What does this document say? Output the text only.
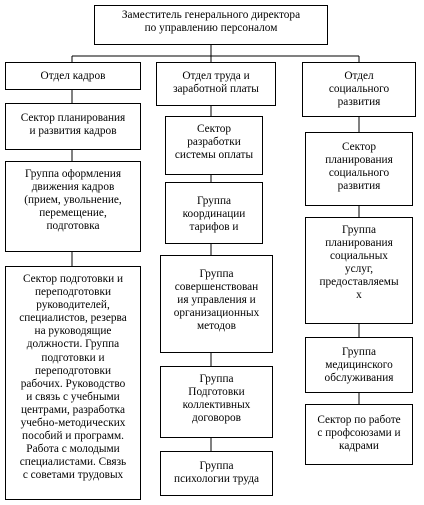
Заместитель генерального директора
по управлению персоналом
Отдел кадров
Сектор планирования
и развития кадров
Группа оформления
движения кадров
(прием, увольнение,
перемещение,
подготовка
Сектор подготовки и
переподготовки
руководителей,
специалистов, резерва
на руководящие
должности. Группа
подготовки и
переподготовки
рабочих. Руководство
и связь с учебными
центрами, разработка
учебно-методических
пособий и программ.
Работа с молодыми
специалистами. Связь
с советами трудовых
Отдел труда и
заработной платы
Сектор
разработки
системы оплаты
Группа
координации
тарифов и
Группа
совершенствован
ия управления и
организационных
методов
Группа
Подготовки
коллективных
договоров
Группа
психологии труда
Отдел
социального
развития
Сектор
планирования
социального
развития
Группа
планирования
социальных
услуг,
предоставляемы
х
Группа
медицинского
обслуживания
Сектор по работе
с профсоюзами и
кадрами
